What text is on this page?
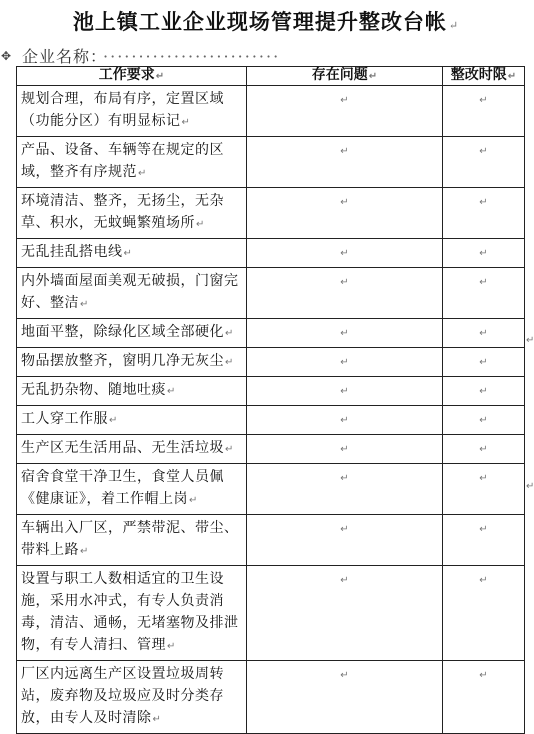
池上镇工业企业现场管理提升整改台帐 ↵
✥ 企业名称： ·························
工作要求↵	存在问题↵	整改时限↵
规划合理，布局有序，定置区域（功能分区）有明显标记↵	↵	↵
产品、设备、车辆等在规定的区域，整齐有序规范↵	↵	↵
环境清洁、整齐，无扬尘，无杂草、积水，无蚊蝇繁殖场所↵	↵	↵
无乱挂乱搭电线↵	↵	↵
内外墙面屋面美观无破损，门窗完好、整洁↵	↵	↵
地面平整，除绿化区域全部硬化↵	↵	↵
物品摆放整齐，窗明几净无灰尘↵	↵	↵
无乱扔杂物、随地吐痰↵	↵	↵
工人穿工作服↵	↵	↵
生产区无生活用品、无生活垃圾↵	↵	↵
宿舍食堂干净卫生，食堂人员佩《健康证》，着工作帽上岗↵	↵	↵
车辆出入厂区，严禁带泥、带尘、带料上路↵	↵	↵
设置与职工人数相适宜的卫生设施，采用水冲式，有专人负责消毒，清洁、通畅，无堵塞物及排泄物，有专人清扫、管理↵	↵	↵
厂区内远离生产区设置垃圾周转站，废弃物及垃圾应及时分类存放，由专人及时清除↵	↵	↵
↵
↵
